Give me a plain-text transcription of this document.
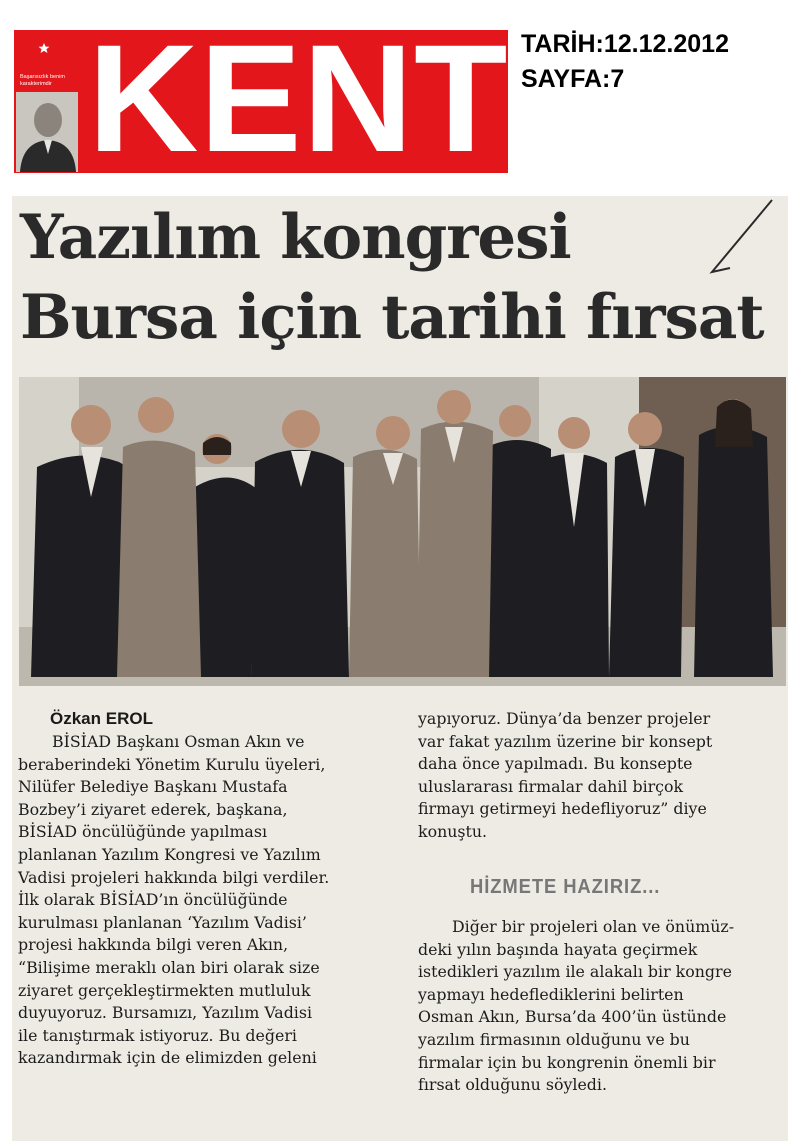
Başarısızlık benim karakterimdir KENT TARİH:12.12.2012
SAYFA:7
Yazılım kongresi
Bursa için tarihi fırsat
Özkan EROL

BİSİAD Başkanı Osman Akın ve

beraberindeki Yönetim Kurulu üyeleri,

Nilüfer Belediye Başkanı Mustafa

Bozbey’i ziyaret ederek, başkana,

BİSİAD öncülüğünde yapılması

planlanan Yazılım Kongresi ve Yazılım

Vadisi projeleri hakkında bilgi verdiler.

İlk olarak BİSİAD’ın öncülüğünde

kurulması planlanan ‘Yazılım Vadisi’

projesi hakkında bilgi veren Akın,

“Bilişime meraklı olan biri olarak size

ziyaret gerçekleştirmekten mutluluk

duyuyoruz. Bursamızı, Yazılım Vadisi

ile tanıştırmak istiyoruz. Bu değeri

kazandırmak için de elimizden geleni

yapıyoruz. Dünya’da benzer projeler

var fakat yazılım üzerine bir konsept

daha önce yapılmadı. Bu konsepte

uluslararası firmalar dahil birçok

firmayı getirmeyi hedefliyoruz” diye

konuştu.

HİZMETE HAZIRIZ...

Diğer bir projeleri olan ve önümüz-

deki yılın başında hayata geçirmek

istedikleri yazılım ile alakalı bir kongre

yapmayı hedeflediklerini belirten

Osman Akın, Bursa’da 400’ün üstünde

yazılım firmasının olduğunu ve bu

firmalar için bu kongrenin önemli bir

fırsat olduğunu söyledi.
